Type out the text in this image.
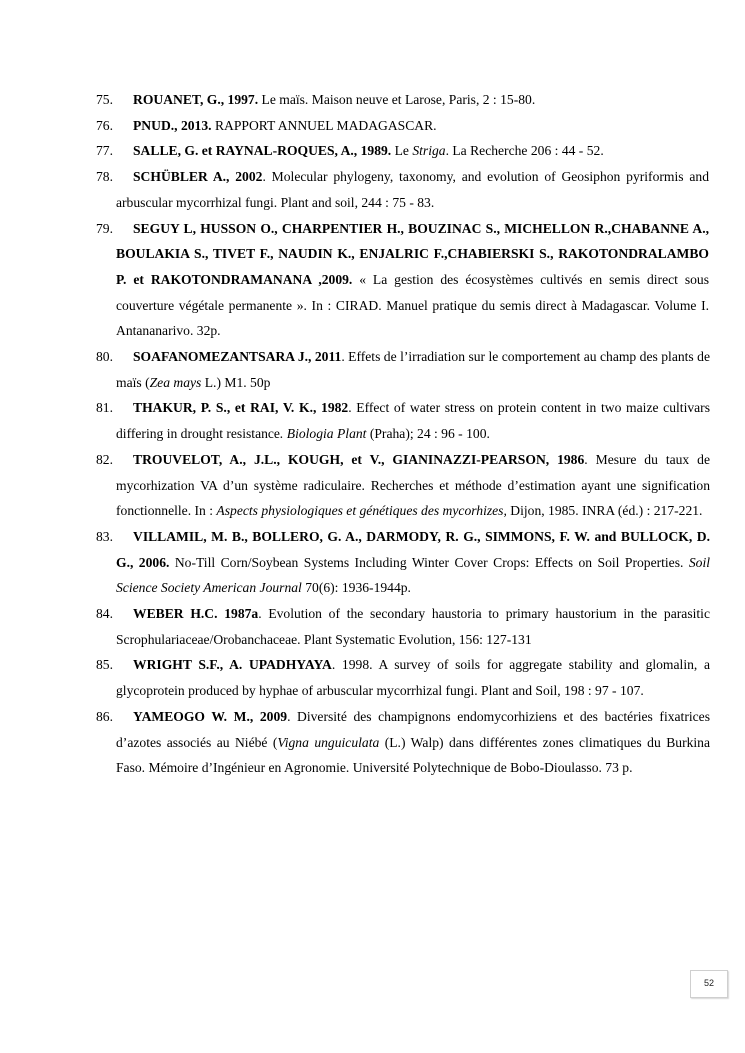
75. ROUANET, G., 1997. Le maïs. Maison neuve et Larose, Paris, 2 : 15-80.

76. PNUD., 2013. RAPPORT ANNUEL MADAGASCAR.

77. SALLE, G. et RAYNAL-ROQUES, A., 1989. Le Striga. La Recherche 206 : 44 - 52.

78. SCHÜBLER A., 2002. Molecular phylogeny, taxonomy, and evolution of Geosiphon pyriformis and arbuscular mycorrhizal fungi. Plant and soil, 244 : 75 - 83.

79. SEGUY L, HUSSON O., CHARPENTIER H., BOUZINAC S., MICHELLON R.,CHABANNE A., BOULAKIA S., TIVET F., NAUDIN K., ENJALRIC F.,CHABIERSKI S., RAKOTONDRALAMBO P. et RAKOTONDRAMANANA ,2009. « La gestion des écosystèmes cultivés en semis direct sous couverture végétale permanente ». In : CIRAD. Manuel pratique du semis direct à Madagascar. Volume I. Antananarivo. 32p.

80. SOAFANOMEZANTSARA J., 2011. Effets de l’irradiation sur le comportement au champ des plants de maïs (Zea mays L.) M1. 50p

81. THAKUR, P. S., et RAI, V. K., 1982. Effect of water stress on protein content in two maize cultivars differing in drought resistance. Biologia Plant (Praha); 24 : 96 - 100.

82. TROUVELOT, A., J.L., KOUGH, et V., GIANINAZZI-PEARSON, 1986. Mesure du taux de mycorhization VA d’un système radiculaire. Recherches et méthode d’estimation ayant une signification fonctionnelle. In : Aspects physiologiques et génétiques des mycorhizes, Dijon, 1985. INRA (éd.) : 217-221.

83. VILLAMIL, M. B., BOLLERO, G. A., DARMODY, R. G., SIMMONS, F. W. and BULLOCK, D. G., 2006. No-Till Corn/Soybean Systems Including Winter Cover Crops: Effects on Soil Properties. Soil Science Society American Journal 70(6): 1936-1944p.

84. WEBER H.C. 1987a. Evolution of the secondary haustoria to primary haustorium in the parasitic Scrophulariaceae/Orobanchaceae. Plant Systematic Evolution, 156: 127-131

85. WRIGHT S.F., A. UPADHYAYA. 1998. A survey of soils for aggregate stability and glomalin, a glycoprotein produced by hyphae of arbuscular mycorrhizal fungi. Plant and Soil, 198 : 97 - 107.

86. YAMEOGO W. M., 2009. Diversité des champignons endomycorhiziens et des bactéries fixatrices d’azotes associés au Niébé (Vigna unguiculata (L.) Walp) dans différentes zones climatiques du Burkina Faso. Mémoire d’Ingénieur en Agronomie. Université Polytechnique de Bobo-Dioulasso. 73 p.

52
